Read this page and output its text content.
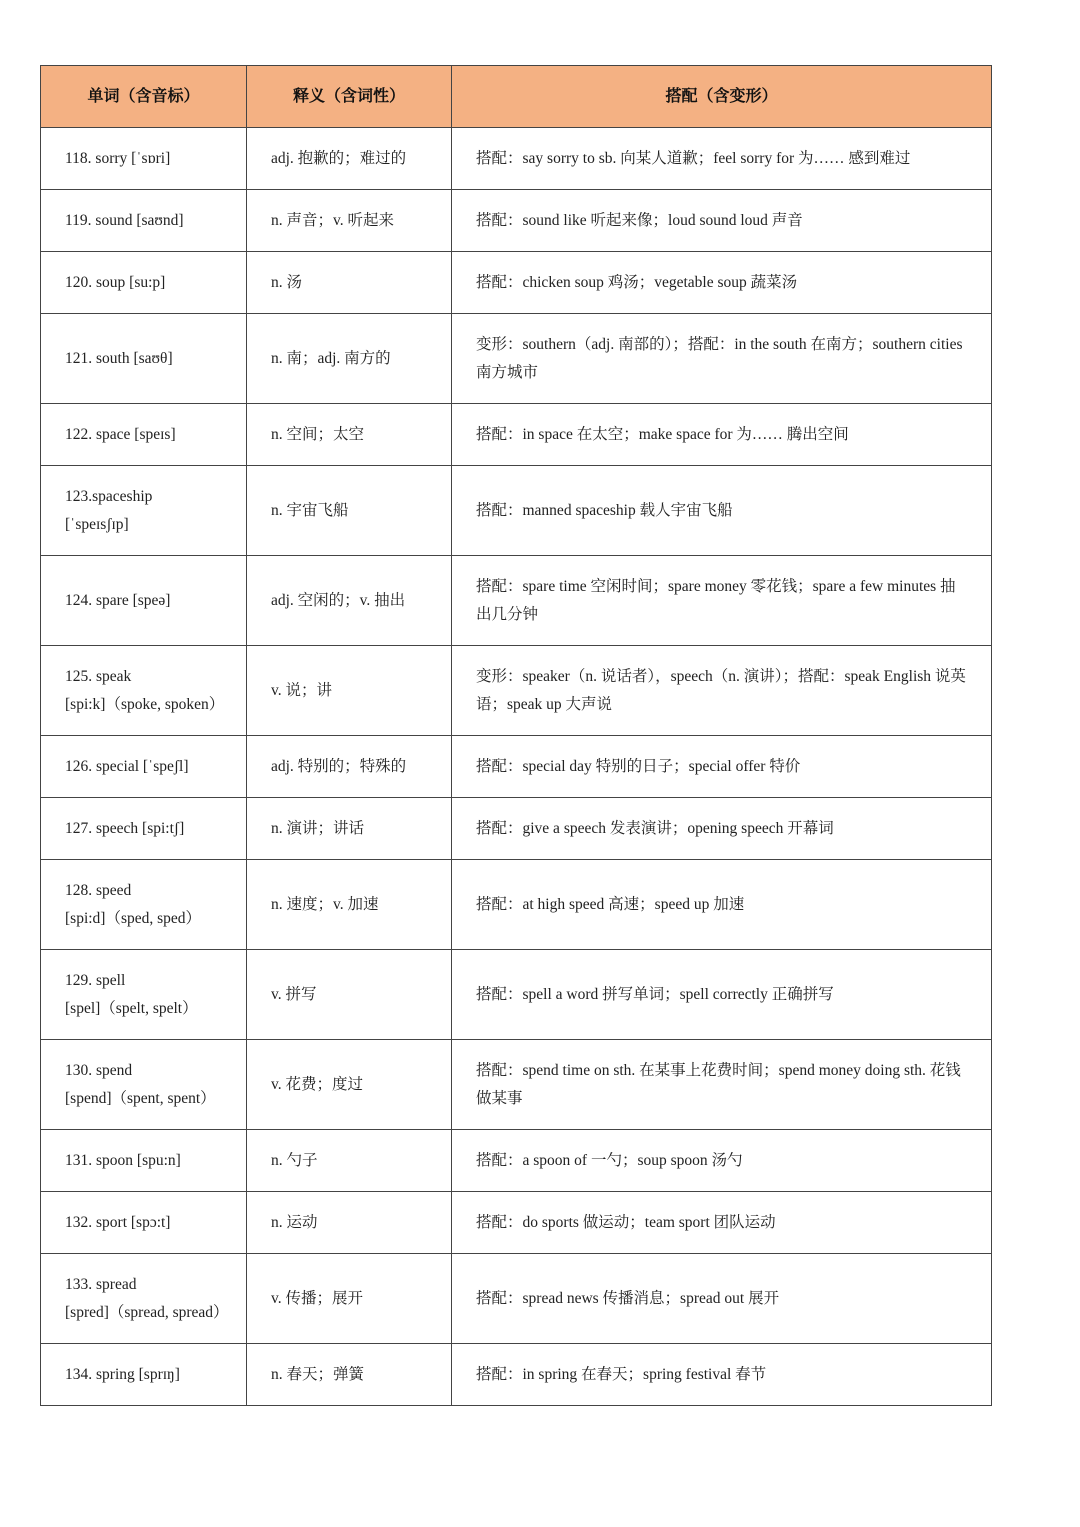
单词（含音标）	释义（含词性）	搭配（含变形）

118. sorry [ˈsɒri]	adj. 抱歉的；难过的	搭配：say sorry to sb. 向某人道歉；feel sorry for 为…… 感到难过

119. sound [saʊnd]	n. 声音；v. 听起来	搭配：sound like 听起来像；loud sound loud 声音

120. soup [su:p]	n. 汤	搭配：chicken soup 鸡汤；vegetable soup 蔬菜汤

121. south [saʊθ]	n. 南；adj. 南方的	变形：southern（adj. 南部的）；搭配：in the south 在南方；southern cities 南方城市

122. space [speɪs]	n. 空间；太空	搭配：in space 在太空；make space for 为…… 腾出空间

123.spaceship
[ˈspeɪsʃɪp]	n. 宇宙飞船	搭配：manned spaceship 载人宇宙飞船

124. spare [speə]	adj. 空闲的；v. 抽出	搭配：spare time 空闲时间；spare money 零花钱；spare a few minutes 抽出几分钟

125. speak
[spi:k]（spoke, spoken）	v. 说；讲	变形：speaker（n. 说话者），speech（n. 演讲）；搭配：speak English 说英语；speak up 大声说

126. special [ˈspeʃl]	adj. 特别的；特殊的	搭配：special day 特别的日子；special offer 特价

127. speech [spi:tʃ]	n. 演讲；讲话	搭配：give a speech 发表演讲；opening speech 开幕词

128. speed
[spi:d]（sped, sped）	n. 速度；v. 加速	搭配：at high speed 高速；speed up 加速

129. spell
[spel]（spelt, spelt）	v. 拼写	搭配：spell a word 拼写单词；spell correctly 正确拼写

130. spend
[spend]（spent, spent）	v. 花费；度过	搭配：spend time on sth. 在某事上花费时间；spend money doing sth. 花钱做某事

131. spoon [spu:n]	n. 勺子	搭配：a spoon of 一勺；soup spoon 汤勺

132. sport [spɔ:t]	n. 运动	搭配：do sports 做运动；team sport 团队运动

133. spread
[spred]（spread, spread）	v. 传播；展开	搭配：spread news 传播消息；spread out 展开

134. spring [sprɪŋ]	n. 春天；弹簧	搭配：in spring 在春天；spring festival 春节
